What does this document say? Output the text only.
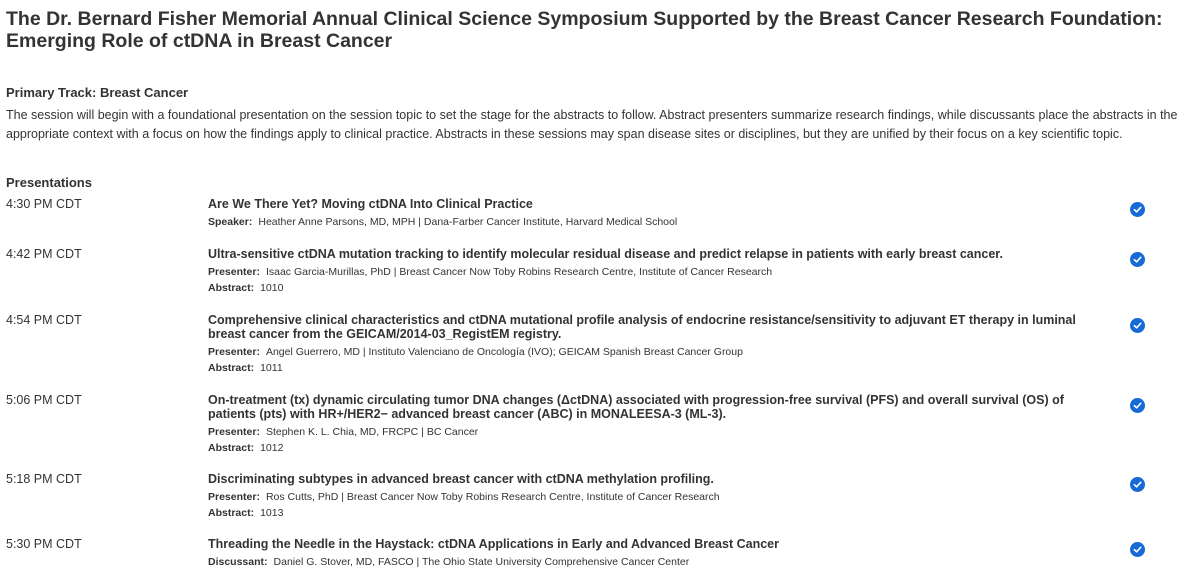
The Dr. Bernard Fisher Memorial Annual Clinical Science Symposium Supported by the Breast Cancer Research Foundation: Emerging Role of ctDNA in Breast Cancer
Primary Track: Breast Cancer
The session will begin with a foundational presentation on the session topic to set the stage for the abstracts to follow. Abstract presenters summarize research findings, while discussants place the abstracts in the appropriate context with a focus on how the findings apply to clinical practice. Abstracts in these sessions may span disease sites or disciplines, but they are unified by their focus on a key scientific topic.
Presentations
4:30 PM CDT	Are We There Yet? Moving ctDNA Into Clinical Practice
Speaker: Heather Anne Parsons, MD, MPH | Dana-Farber Cancer Institute, Harvard Medical School
4:42 PM CDT	Ultra-sensitive ctDNA mutation tracking to identify molecular residual disease and predict relapse in patients with early breast cancer.
Presenter: Isaac Garcia-Murillas, PhD | Breast Cancer Now Toby Robins Research Centre, Institute of Cancer Research
Abstract: 1010
4:54 PM CDT	Comprehensive clinical characteristics and ctDNA mutational profile analysis of endocrine resistance/sensitivity to adjuvant ET therapy in luminal breast cancer from the GEICAM/2014-03_RegistEM registry.
Presenter: Angel Guerrero, MD | Instituto Valenciano de Oncología (IVO); GEICAM Spanish Breast Cancer Group
Abstract: 1011
5:06 PM CDT	On-treatment (tx) dynamic circulating tumor DNA changes (ΔctDNA) associated with progression-free survival (PFS) and overall survival (OS) of patients (pts) with HR+/HER2− advanced breast cancer (ABC) in MONALEESA-3 (ML-3).
Presenter: Stephen K. L. Chia, MD, FRCPC | BC Cancer
Abstract: 1012
5:18 PM CDT	Discriminating subtypes in advanced breast cancer with ctDNA methylation profiling.
Presenter: Ros Cutts, PhD | Breast Cancer Now Toby Robins Research Centre, Institute of Cancer Research
Abstract: 1013
5:30 PM CDT	Threading the Needle in the Haystack: ctDNA Applications in Early and Advanced Breast Cancer
Discussant: Daniel G. Stover, MD, FASCO | The Ohio State University Comprehensive Cancer Center
